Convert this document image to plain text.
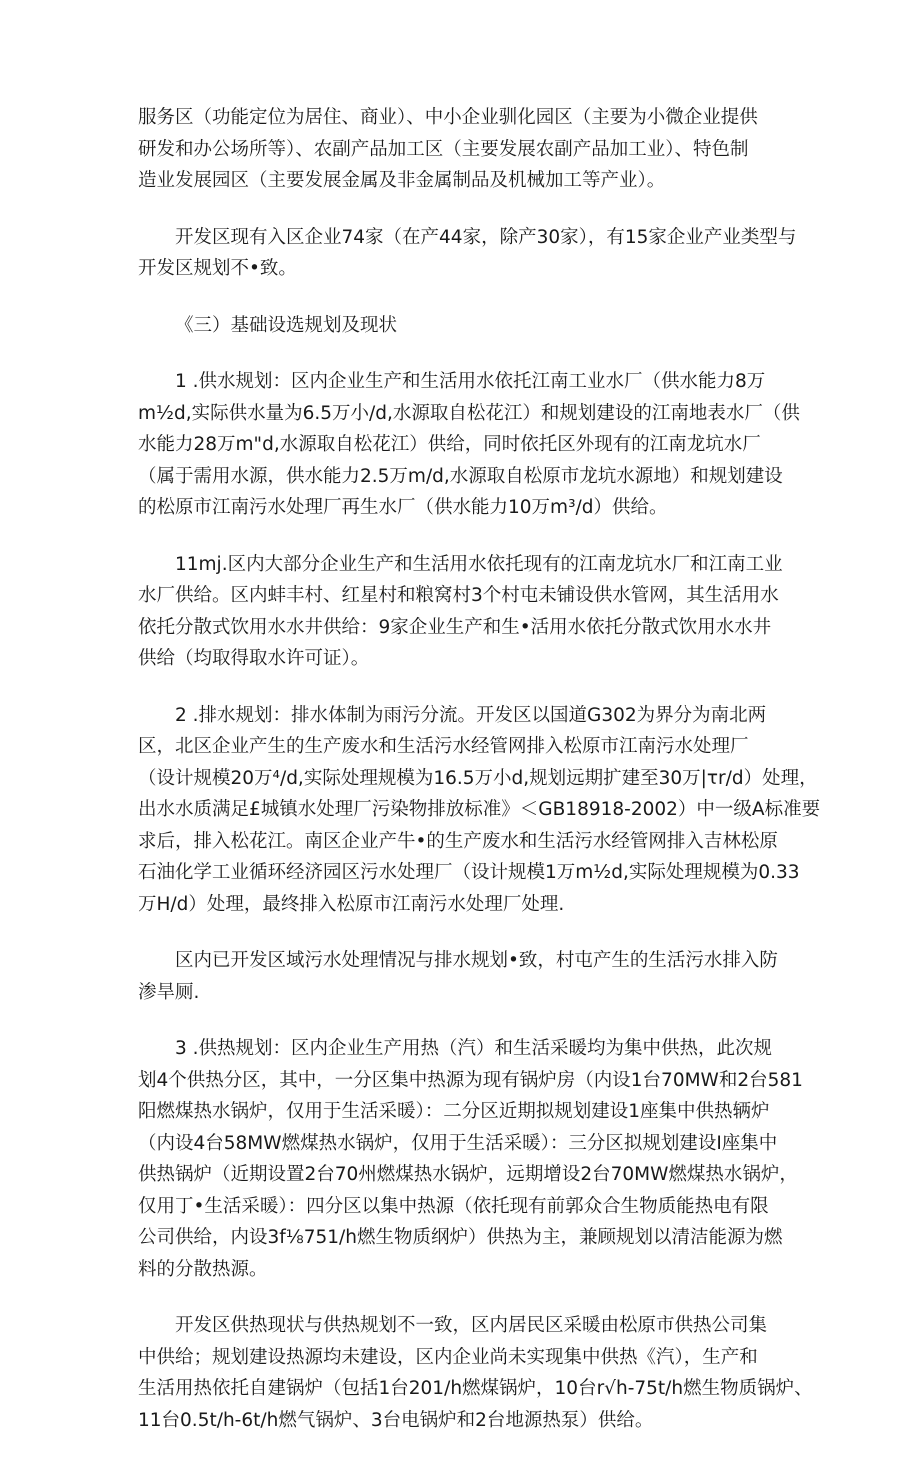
服务区（功能定位为居住、商业）、中小企业驯化园区（主要为小微企业提供
研发和办公场所等）、农副产品加工区（主要发展农副产品加工业）、特色制
造业发展园区（主要发展金属及非金属制品及机械加工等产业）。
开发区现有入区企业74家（在产44家，除产30家），有15家企业产业类型与
开发区规划不•致。
《三）基础设选规划及现状
1 .供水规划：区内企业生产和生活用水依托江南工业水厂（供水能力8万
m½d,实际供水量为6.5万小/d,水源取自松花江）和规划建设的江南地表水厂（供
水能力28万m"d,水源取自松花江）供给，同时依托区外现有的江南龙坑水厂
（属于需用水源，供水能力2.5万m/d,水源取自松原市龙坑水源地）和规划建设
的松原市江南污水处理厂再生水厂（供水能力10万m³/d）供给。
11mj.区内大部分企业生产和生活用水依托现有的江南龙坑水厂和江南工业
水厂供给。区内蚌丰村、红星村和粮窝村3个村屯未铺设供水管网，其生活用水
依托分散式饮用水水井供给：9家企业生产和生•活用水依托分散式饮用水水井
供给（均取得取水许可证）。
2 .排水规划：排水体制为雨污分流。开发区以国道G302为界分为南北两
区，北区企业产生的生产废水和生活污水经管网排入松原市江南污水处理厂
（设计规模20万⁴/d,实际处理规模为16.5万小d,规划远期扩建至30万|τr/d）处理，
出水水质满足£城镇水处理厂污染物排放标准》＜GB18918-2002）中一级A标准要
求后，排入松花江。南区企业产牛•的生产废水和生活污水经管网排入吉林松原
石油化学工业循环经济园区污水处理厂（设计规模1万m½d,实际处理规模为0.33
万H/d）处理，最终排入松原市江南污水处理厂处理.
区内已开发区域污水处理情况与排水规划•致，村屯产生的生活污水排入防
渗旱厕.
3 .供热规划：区内企业生产用热（汽）和生活采暖均为集中供热，此次规
划4个供热分区，其中，一分区集中热源为现有锅炉房（内设1台70MW和2台581
阳燃煤热水锅炉，仅用于生活采暖）：二分区近期拟规划建设1座集中供热辆炉
（内设4台58MW燃煤热水锅炉，仅用于生活采暖）：三分区拟规划建设I座集中
供热锅炉（近期设置2台70州燃煤热水锅炉，远期增设2台70MW燃煤热水锅炉，
仅用丁•生活采暖）：四分区以集中热源（依托现有前郭众合生物质能热电有限
公司供给，内设3f⅛751∕h燃生物质纲炉）供热为主，兼顾规划以清洁能源为燃
料的分散热源。
开发区供热现状与供热规划不一致，区内居民区采暖由松原市供热公司集
中供给；规划建设热源均未建设，区内企业尚未实现集中供热《汽），生产和
生活用热依托自建锅炉（包括1台201∕h燃煤锅炉，10台r√h-75t∕h燃生物质锅炉、
11台0.5t∕h-6t∕h燃气锅炉、3台电锅炉和2台地源热泵）供给。
